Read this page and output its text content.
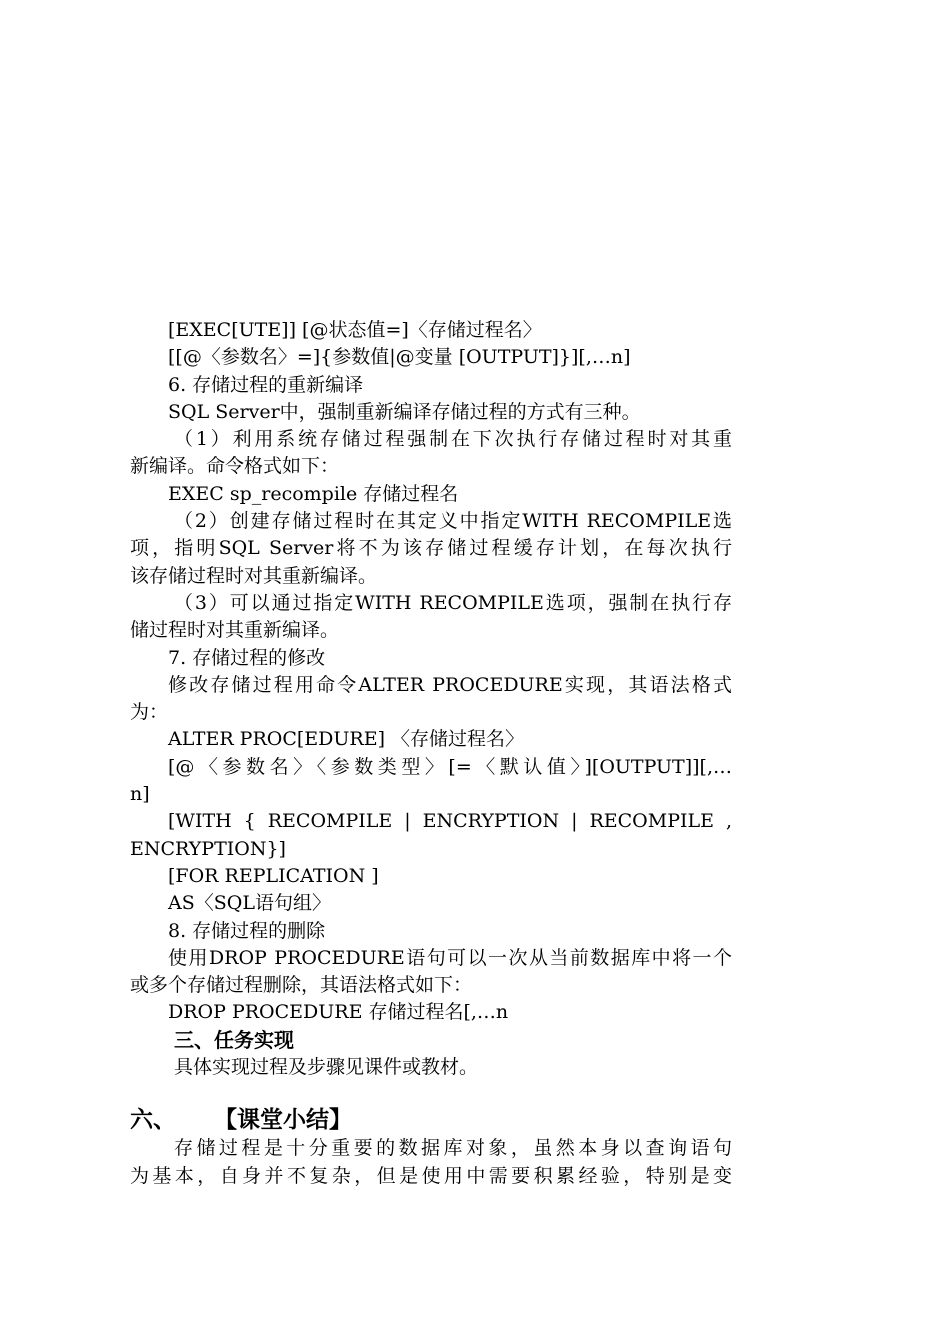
[EXEC[UTE]] [@状态值=]〈存储过程名〉
[[@〈参数名〉=]{参数值|@变量 [OUTPUT]}][,…n]
6. 存储过程的重新编译
SQL Server中，强制重新编译存储过程的方式有三种。
（1）利用系统存储过程强制在下次执行存储过程时对其重
新编译。命令格式如下：
EXEC sp_recompile 存储过程名
（2）创建存储过程时在其定义中指定WITH RECOMPILE选
项，指明SQL Server将不为该存储过程缓存计划，在每次执行
该存储过程时对其重新编译。
（3）可以通过指定WITH RECOMPILE选项，强制在执行存
储过程时对其重新编译。
7. 存储过程的修改
修改存储过程用命令ALTER PROCEDURE实现，其语法格式
为：
ALTER PROC[EDURE] 〈存储过程名〉
[@〈参数名〉〈参数类型〉[=〈默认值〉][OUTPUT]][,…
n]
[WITH { RECOMPILE | ENCRYPTION | RECOMPILE ,
ENCRYPTION}]
[FOR REPLICATION ]
AS〈SQL语句组〉
8. 存储过程的删除
使用DROP PROCEDURE语句可以一次从当前数据库中将一个
或多个存储过程删除，其语法格式如下：
DROP PROCEDURE 存储过程名[,…n
三、任务实现
具体实现过程及步骤见课件或教材。
六、 【课堂小结】
存储过程是十分重要的数据库对象，虽然本身以查询语句
为基本，自身并不复杂，但是使用中需要积累经验，特别是变
